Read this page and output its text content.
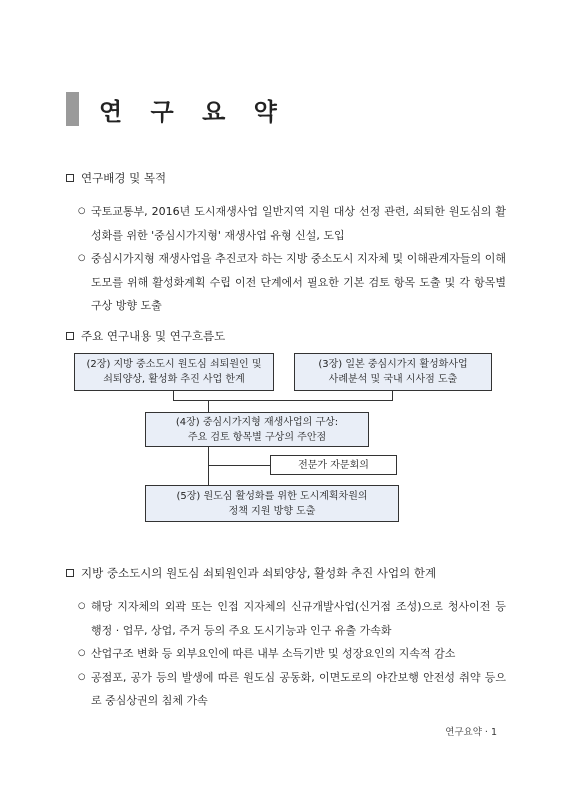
연 구 요 약
연구배경 및 목적
○ 국토교통부, 2016년 도시재생사업 일반지역 지원 대상 선정 관련, 쇠퇴한 원도심의 활성화를 위한 '중심시가지형' 재생사업 유형 신설, 도입
○ 중심시가지형 재생사업을 추진코자 하는 지방 중소도시 지자체 및 이해관계자들의 이해 도모를 위해 활성화계획 수립 이전 단계에서 필요한 기본 검토 항목 도출 및 각 항목별 구상 방향 도출
주요 연구내용 및 연구흐름도
(2장) 지방 중소도시 원도심 쇠퇴원인 및
쇠퇴양상, 활성화 추진 사업 한계
(3장) 일본 중심시가지 활성화사업
사례분석 및 국내 시사점 도출
(4장) 중심시가지형 재생사업의 구상:
주요 검토 항목별 구상의 주안점
전문가 자문회의
(5장) 원도심 활성화를 위한 도시계획차원의
정책 지원 방향 도출
지방 중소도시의 원도심 쇠퇴원인과 쇠퇴양상, 활성화 추진 사업의 한계
○ 해당 지자체의 외곽 또는 인접 지자체의 신규개발사업(신거점 조성)으로 청사이전 등 행정 · 업무, 상업, 주거 등의 주요 도시기능과 인구 유출 가속화
○ 산업구조 변화 등 외부요인에 따른 내부 소득기반 및 성장요인의 지속적 감소
○ 공점포, 공가 등의 발생에 따른 원도심 공동화, 이면도로의 야간보행 안전성 취약 등으로 중심상권의 침체 가속
연구요약 · 1
